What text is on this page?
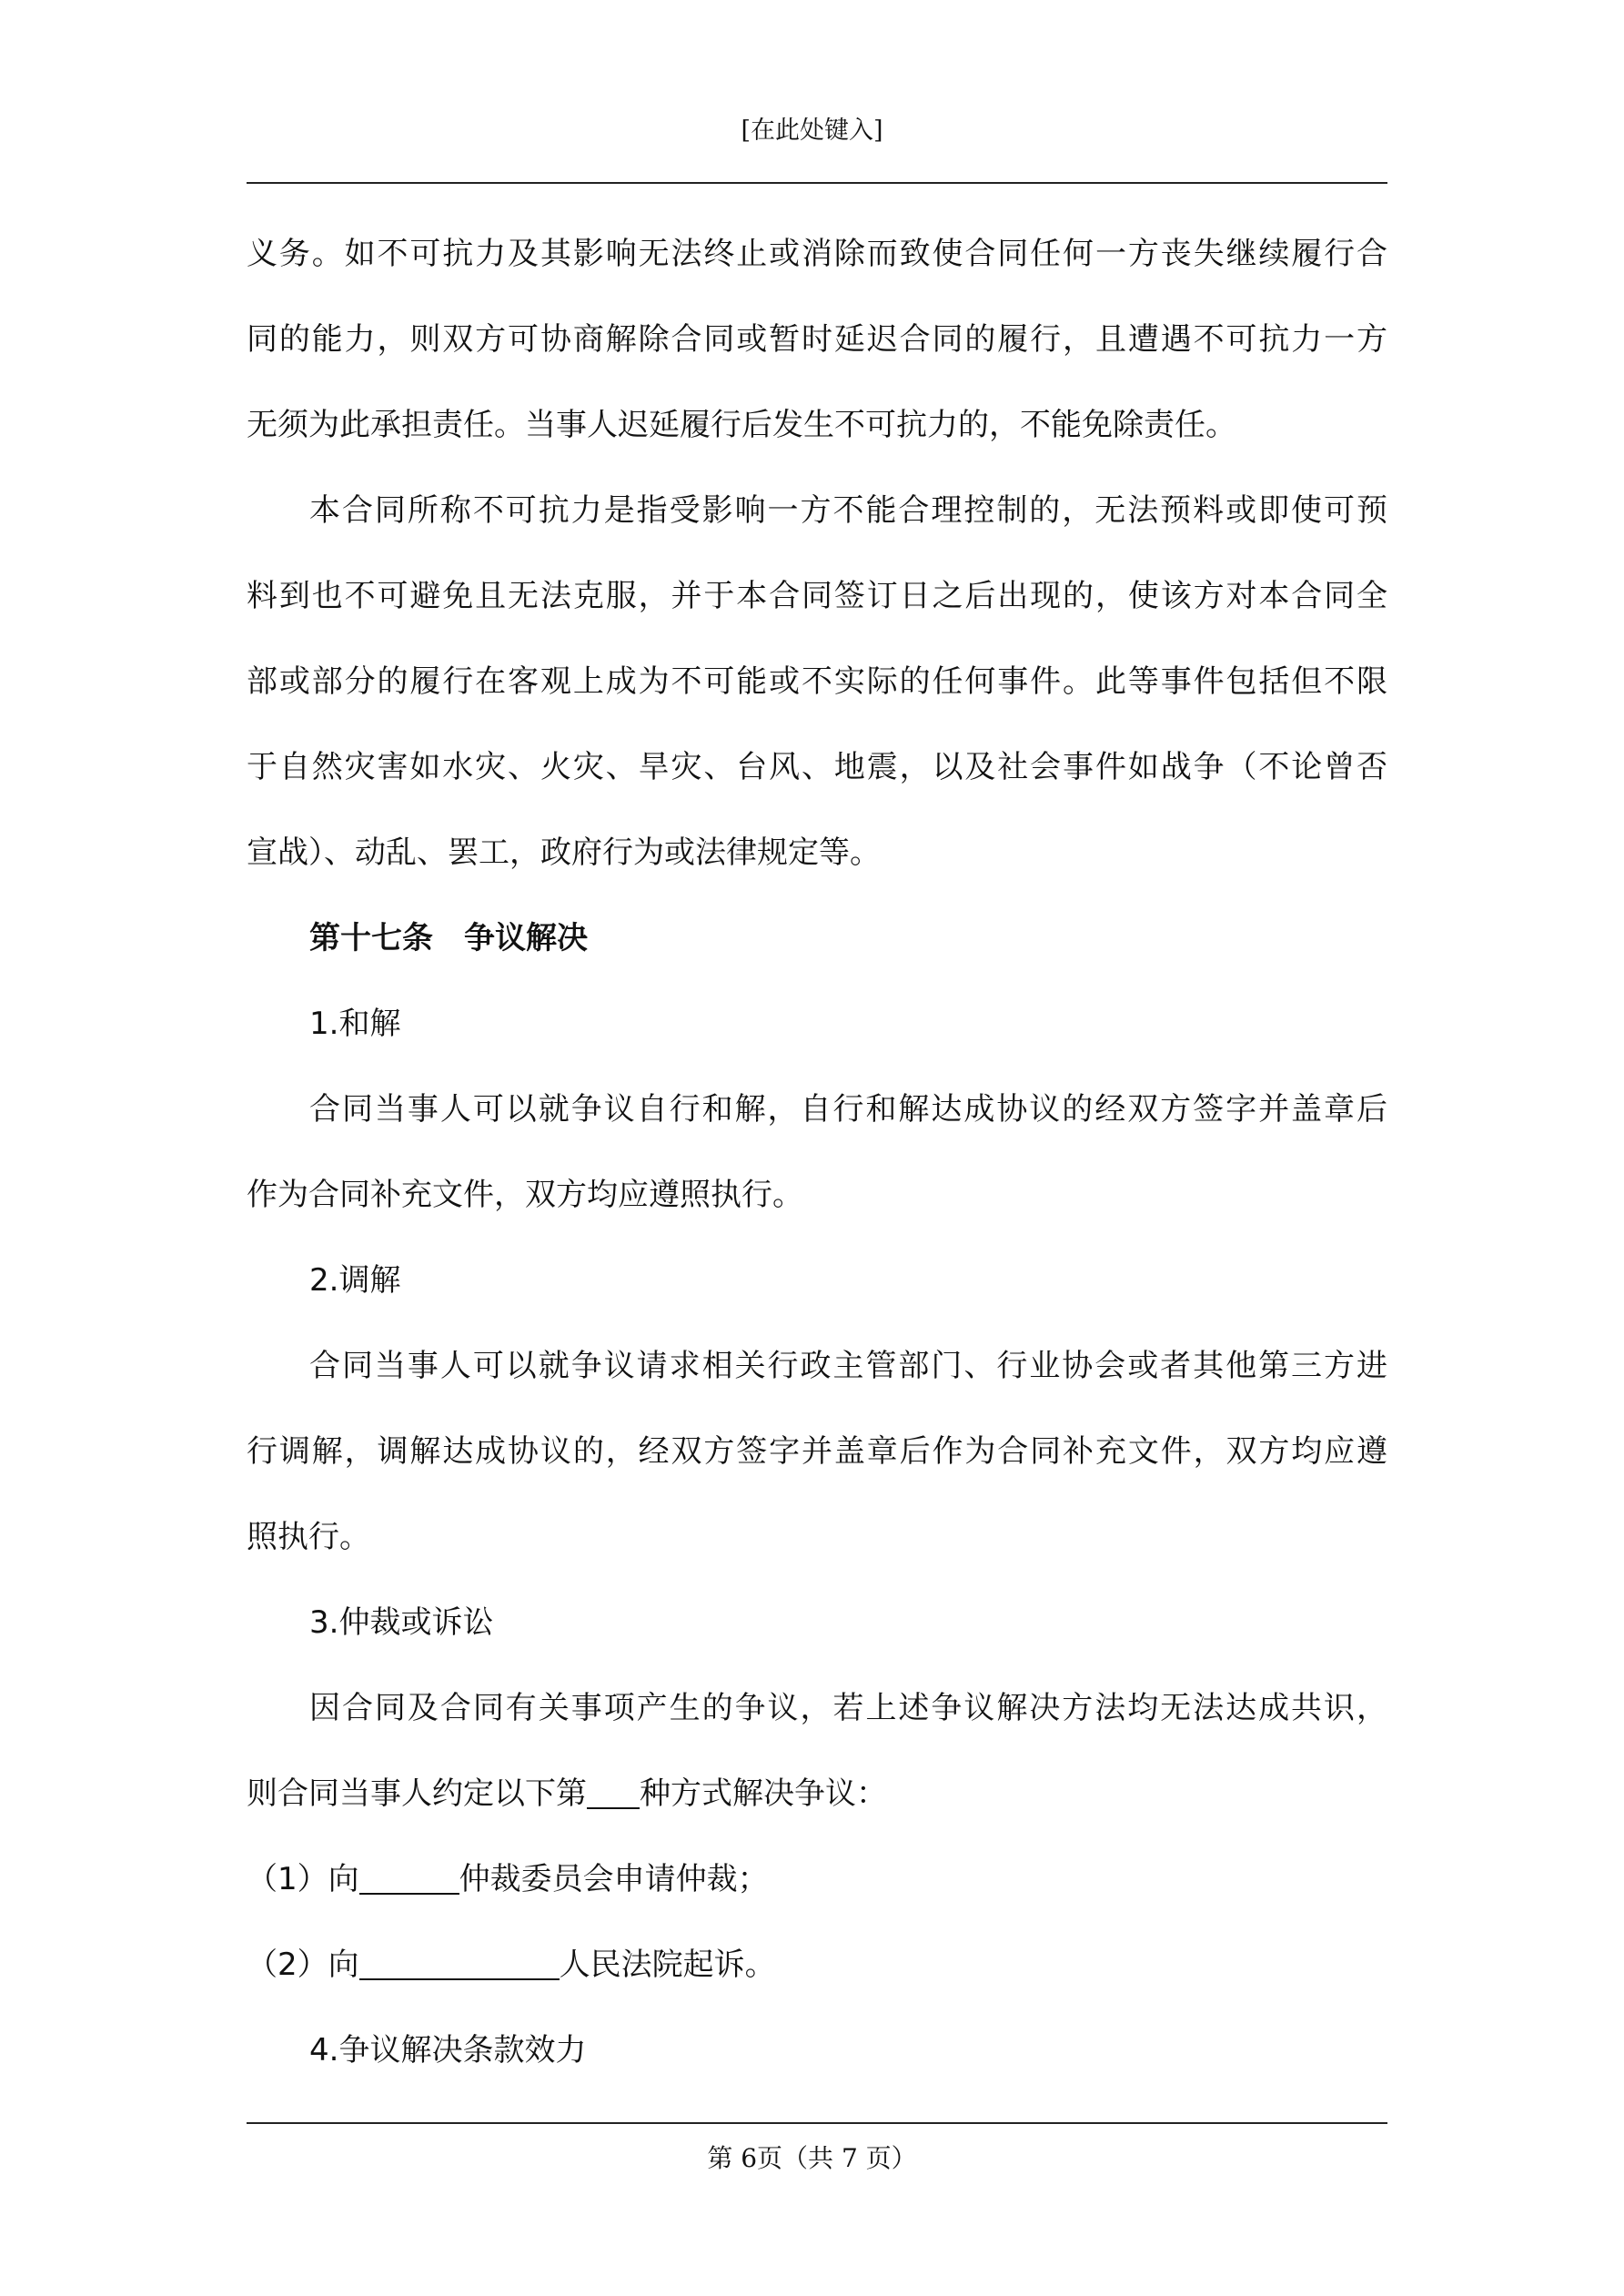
[在此处键入]

义务。如不可抗力及其影响无法终止或消除而致使合同任何一方丧失继续履行合
同的能力，则双方可协商解除合同或暂时延迟合同的履行，且遭遇不可抗力一方
无须为此承担责任。当事人迟延履行后发生不可抗力的，不能免除责任。

本合同所称不可抗力是指受影响一方不能合理控制的，无法预料或即使可预
料到也不可避免且无法克服，并于本合同签订日之后出现的，使该方对本合同全
部或部分的履行在客观上成为不可能或不实际的任何事件。此等事件包括但不限
于自然灾害如水灾、火灾、旱灾、台风、地震，以及社会事件如战争（不论曾否
宣战）、动乱、罢工，政府行为或法律规定等。

第十七条　争议解决

1.和解

合同当事人可以就争议自行和解，自行和解达成协议的经双方签字并盖章后
作为合同补充文件，双方均应遵照执行。

2.调解

合同当事人可以就争议请求相关行政主管部门、行业协会或者其他第三方进
行调解，调解达成协议的，经双方签字并盖章后作为合同补充文件，双方均应遵
照执行。

3.仲裁或诉讼

因合同及合同有关事项产生的争议，若上述争议解决方法均无法达成共识，
则合同当事人约定以下第 种方式解决争议：

（1）向	仲裁委员会申请仲裁；

（2）向	人民法院起诉。

4.争议解决条款效力

第 6页（共 7 页）
